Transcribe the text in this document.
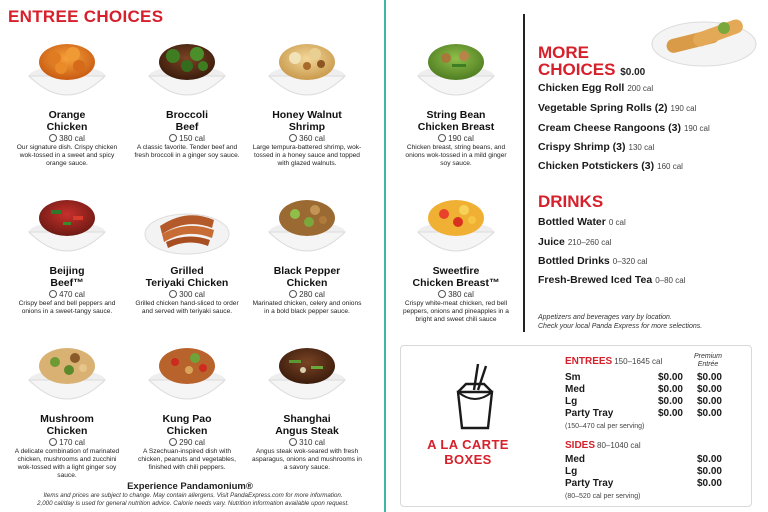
ENTREE CHOICES
Orange
Chicken
380 cal
Our signature dish. Crispy chicken wok-tossed in a sweet and spicy orange sauce.
Broccoli
Beef
150 cal
A classic favorite. Tender beef and fresh broccoli in a ginger soy sauce.
Honey Walnut
Shrimp
360 cal
Large tempura-battered shrimp, wok-tossed in a honey sauce and topped with glazed walnuts.
Beijing
Beef™
470 cal
Crispy beef and bell peppers and onions in a sweet-tangy sauce.
Grilled
Teriyaki Chicken
300 cal
Grilled chicken hand-sliced to order and served with teriyaki sauce.
Black Pepper
Chicken
280 cal
Marinated chicken, celery and onions in a bold black pepper sauce.
Mushroom
Chicken
170 cal
A delicate combination of marinated chicken, mushrooms and zucchini wok-tossed with a light ginger soy sauce.
Kung Pao
Chicken
290 cal
A Szechuan-inspired dish with chicken, peanuts and vegetables, finished with chili peppers.
Shanghai
Angus Steak
310 cal
Angus steak wok-seared with fresh asparagus, onions and mushrooms in a savory sauce.
Experience Pandamonium®
Items and prices are subject to change. May contain allergens. Visit PandaExpress.com for more information.
2,000 cal/day is used for general nutrition advice. Calorie needs vary. Nutrition information available upon request.
String Bean
Chicken Breast
190 cal
Chicken breast, string beans, and onions wok-tossed in a mild ginger soy sauce.
Sweetfire
Chicken Breast™
380 cal
Crispy white-meat chicken, red bell peppers, onions and pineapples in a bright and sweet chili sauce
MORE
CHOICES $0.00
Chicken Egg Roll 200 cal
Vegetable Spring Rolls (2) 190 cal
Cream Cheese Rangoons (3) 190 cal
Crispy Shrimp (3) 130 cal
Chicken Potstickers (3) 160 cal
DRINKS
Bottled Water 0 cal
Juice 210–260 cal
Bottled Drinks 0–320 cal
Fresh-Brewed Iced Tea 0–80 cal
Appetizers and beverages vary by location.
Check your local Panda Express for more selections.
A LA CARTE
BOXES
ENTREES 150–1645 cal
Premium
Entrée
Sm	$0.00	$0.00
Med	$0.00	$0.00
Lg	$0.00	$0.00
Party Tray	$0.00	$0.00
(150–470 cal per serving)
SIDES 80–1040 cal
Med	$0.00
Lg	$0.00
Party Tray	$0.00
(80–520 cal per serving)
